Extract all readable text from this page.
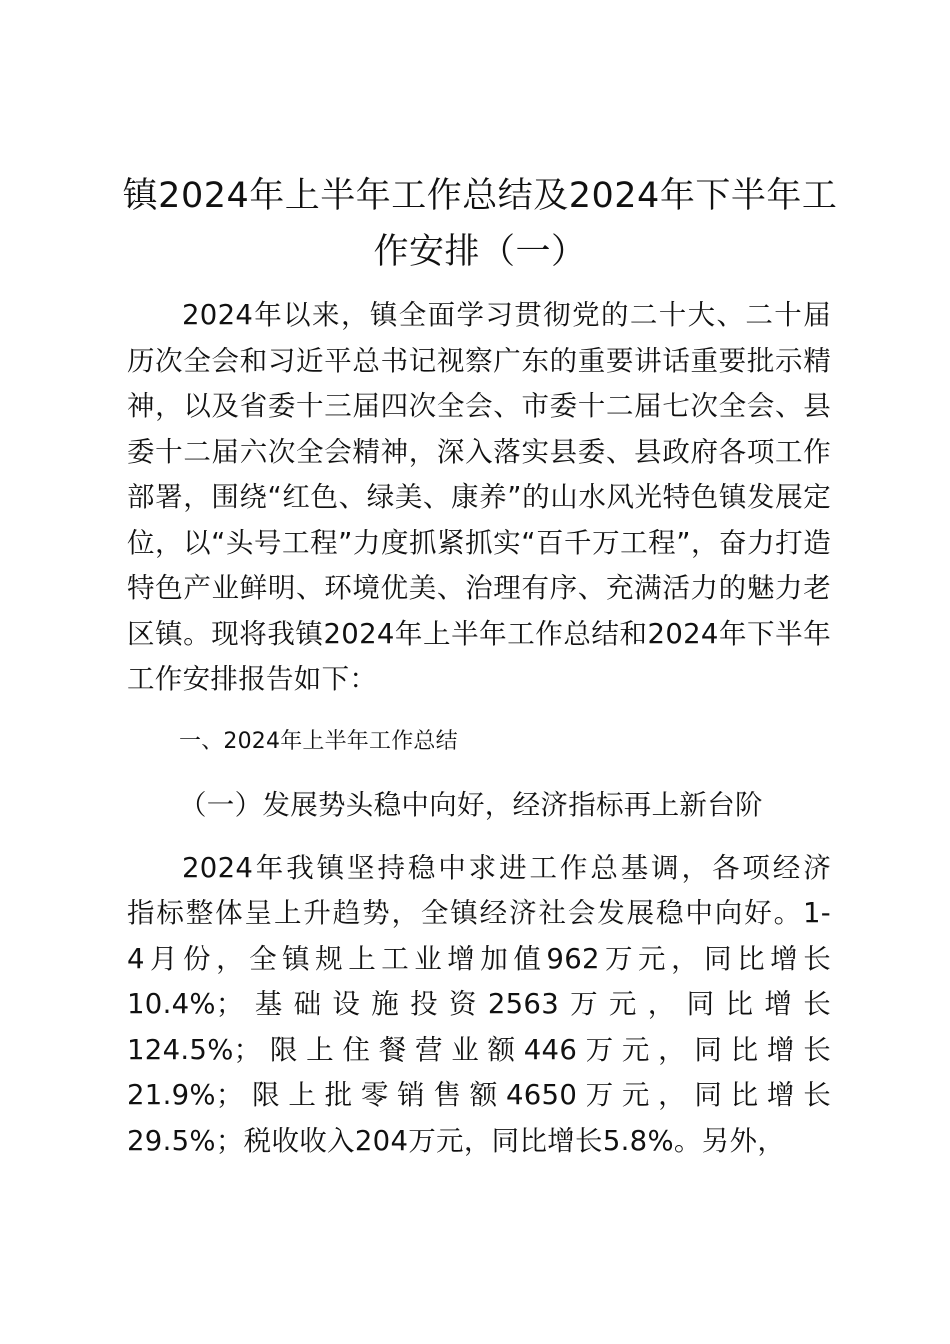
镇2024年上半年工作总结及2024年下半年工作安排（一）

2024年以来，镇全面学习贯彻党的二十大、二十届历次全会和习近平总书记视察广东的重要讲话重要批示精神，以及省委十三届四次全会、市委十二届七次全会、县委十二届六次全会精神，深入落实县委、县政府各项工作部署，围绕“红色、绿美、康养”的山水风光特色镇发展定位，以“头号工程”力度抓紧抓实“百千万工程”，奋力打造特色产业鲜明、环境优美、治理有序、充满活力的魅力老区镇。现将我镇2024年上半年工作总结和2024年下半年工作安排报告如下：

一、2024年上半年工作总结
（一）发展势头稳中向好，经济指标再上新台阶

2024年我镇坚持稳中求进工作总基调，各项经济
指标整体呈上升趋势，全镇经济社会发展稳中向好。1-
4月份，全镇规上工业增加值962万元，同比增长
10.4%；基础设施投资2563万元，同比增长
124.5%；限上住餐营业额446万元，同比增长
21.9%；限上批零销售额4650万元，同比增长
29.5%；税收收入204万元，同比增长5.8%。另外，
